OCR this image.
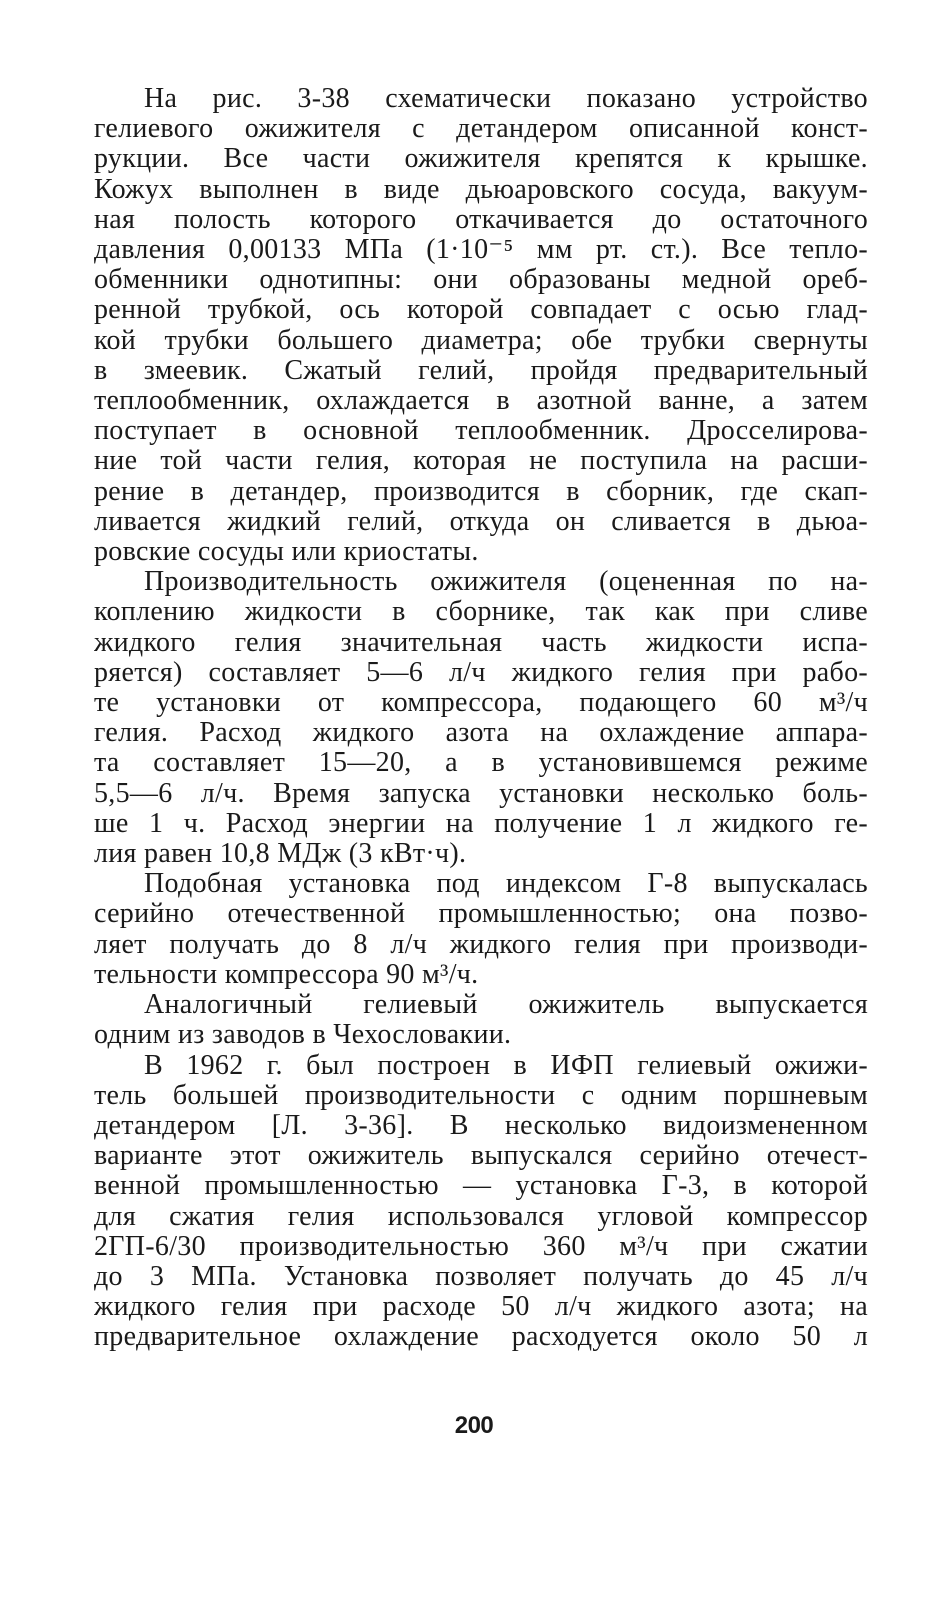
На рис. 3-38 схематически показано устройство
гелиевого ожижителя с детандером описанной конст-
рукции. Все части ожижителя крепятся к крышке.
Кожух выполнен в виде дьюаровского сосуда, вакуум-
ная полость которого откачивается до остаточного
давления 0,00133 МПа (1·10⁻⁵ мм рт. ст.). Все тепло-
обменники однотипны: они образованы медной ореб-
ренной трубкой, ось которой совпадает с осью глад-
кой трубки большего диаметра; обе трубки свернуты
в змеевик. Сжатый гелий, пройдя предварительный
теплообменник, охлаждается в азотной ванне, а затем
поступает в основной теплообменник. Дросселирова-
ние той части гелия, которая не поступила на расши-
рение в детандер, производится в сборник, где скап-
ливается жидкий гелий, откуда он сливается в дьюа-
ровские сосуды или криостаты.

Производительность ожижителя (оцененная по на-
коплению жидкости в сборнике, так как при сливе
жидкого гелия значительная часть жидкости испа-
ряется) составляет 5—6 л/ч жидкого гелия при рабо-
те установки от компрессора, подающего 60 м³/ч
гелия. Расход жидкого азота на охлаждение аппара-
та составляет 15—20, а в установившемся режиме
5,5—6 л/ч. Время запуска установки несколько боль-
ше 1 ч. Расход энергии на получение 1 л жидкого ге-
лия равен 10,8 МДж (3 кВт·ч).

Подобная установка под индексом Г-8 выпускалась
серийно отечественной промышленностью; она позво-
ляет получать до 8 л/ч жидкого гелия при производи-
тельности компрессора 90 м³/ч.

Аналогичный гелиевый ожижитель выпускается
одним из заводов в Чехословакии.

В 1962 г. был построен в ИФП гелиевый ожижи-
тель большей производительности с одним поршневым
детандером [Л. 3-36]. В несколько видоизмененном
варианте этот ожижитель выпускался серийно отечест-
венной промышленностью — установка Г-3, в которой
для сжатия гелия использовался угловой компрессор
2ГП-6/30 производительностью 360 м³/ч при сжатии
до 3 МПа. Установка позволяет получать до 45 л/ч
жидкого гелия при расходе 50 л/ч жидкого азота; на
предварительное охлаждение расходуется около 50 л

200
